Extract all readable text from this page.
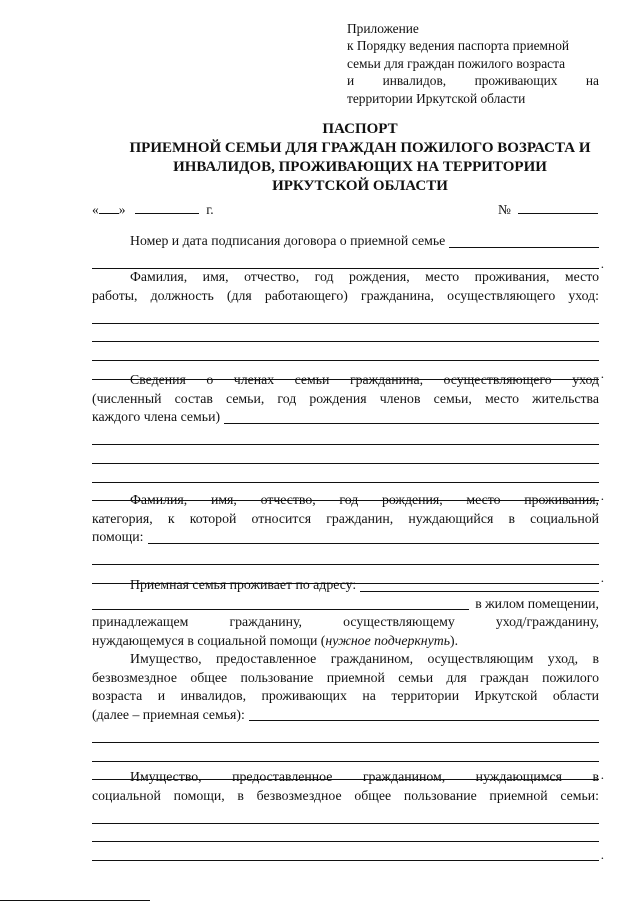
Приложение
к Порядку ведения паспорта приемной
семьи для граждан пожилого возраста
и инвалидов, проживающих на
территории Иркутской области
ПАСПОРТ
ПРИЕМНОЙ СЕМЬИ ДЛЯ ГРАЖДАН ПОЖИЛОГО ВОЗРАСТА И
ИНВАЛИДОВ, ПРОЖИВАЮЩИХ НА ТЕРРИТОРИИ
ИРКУТСКОЙ ОБЛАСТИ
« »	г.	№
Номер и дата подписания договора о приемной семье
.
Фамилия, имя, отчество, год рождения, место проживания, место
работы, должность (для работающего) гражданина, осуществляющего уход:
.
Сведения о членах семьи гражданина, осуществляющего уход
(численный состав семьи, год рождения членов семьи, место жительства
каждого члена семьи)
.
Фамилия, имя, отчество, год рождения, место проживания,
категория, к которой относится гражданин, нуждающийся в социальной
помощи:
.
Приемная семья проживает по адресу:
в жилом помещении,
принадлежащем гражданину, осуществляющему уход/гражданину,
нуждающемуся в социальной помощи (нужное подчеркнуть).
Имущество, предоставленное гражданином, осуществляющим уход, в
безвозмездное общее пользование приемной семьи для граждан пожилого
возраста и инвалидов, проживающих на территории Иркутской области
(далее – приемная семья):
.
Имущество, предоставленное гражданином, нуждающимся в
социальной помощи, в безвозмездное общее пользование приемной семьи:
.
